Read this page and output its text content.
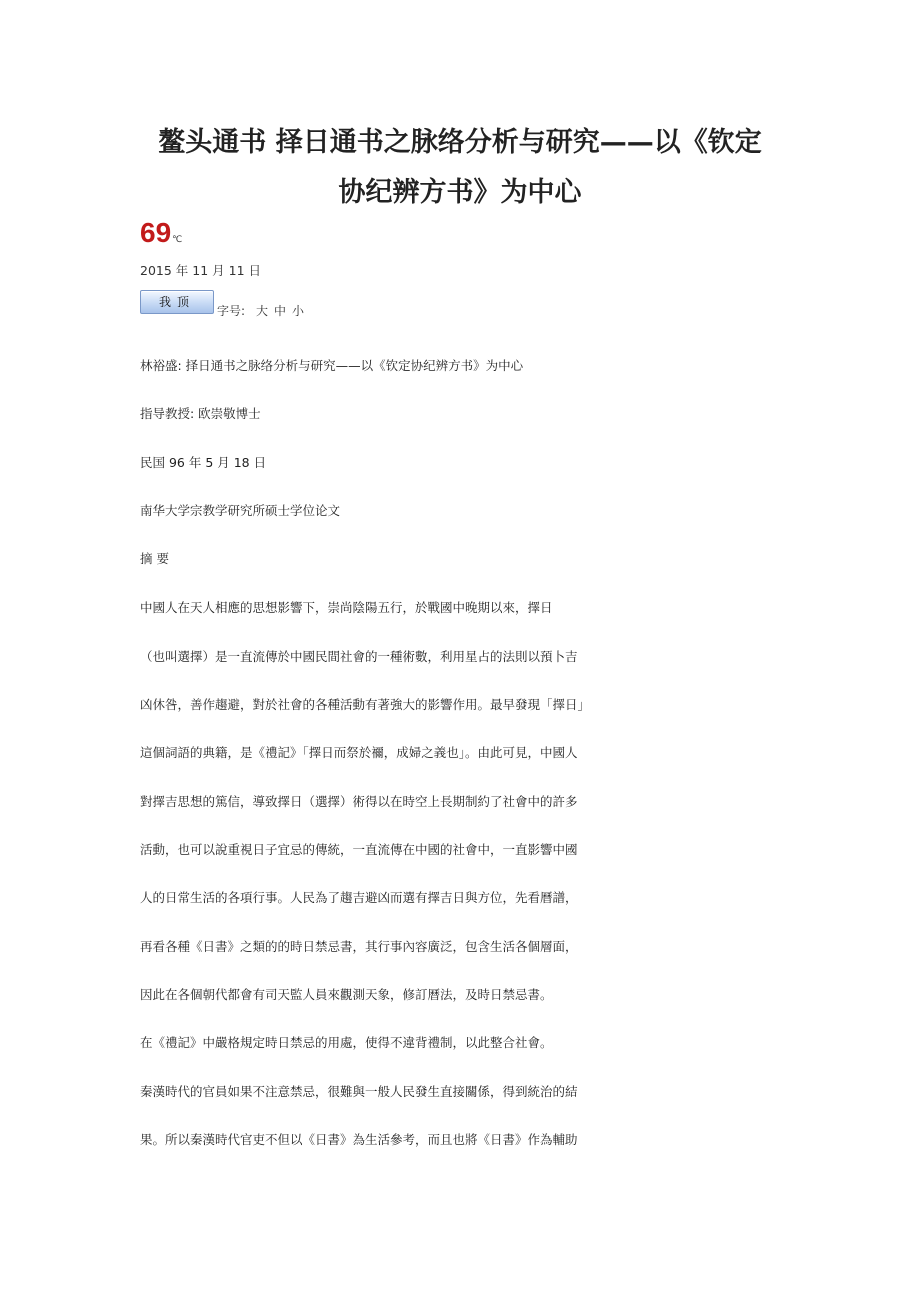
鳌头通书 择日通书之脉络分析与研究——以《钦定
协纪辨方书》为中心
69℃
2015 年 11 月 11 日
我顶
字号: 大 中 小
林裕盛: 择日通书之脉络分析与研究——以《钦定协纪辨方书》为中心
指导教授: 欧崇敬博士
民国 96 年 5 月 18 日
南华大学宗教学研究所硕士学位论文
摘 要
中國人在天人相應的思想影響下，崇尚陰陽五行，於戰國中晚期以來，擇日
（也叫選擇）是一直流傳於中國民間社會的一種術數，利用星占的法則以預卜吉
凶休咎，善作趨避，對於社會的各種活動有著強大的影響作用。最早發現「擇日」
這個詞語的典籍，是《禮記》「擇日而祭於禰，成婦之義也」。由此可見，中國人
對擇吉思想的篤信，導致擇日（選擇）術得以在時空上長期制約了社會中的許多
活動，也可以說重視日子宜忌的傳統，一直流傳在中國的社會中，一直影響中國
人的日常生活的各項行事。人民為了趨吉避凶而選有擇吉日與方位，先看曆譜，
再看各種《日書》之類的的時日禁忌書，其行事內容廣泛，包含生活各個層面，
因此在各個朝代都會有司天監人員來觀測天象，修訂曆法，及時日禁忌書。
在《禮記》中嚴格規定時日禁忌的用處，使得不違背禮制，以此整合社會。
秦漢時代的官員如果不注意禁忌，很難與一般人民發生直接關係，得到統治的結
果。所以秦漢時代官吏不但以《日書》為生活參考，而且也將《日書》作為輔助
